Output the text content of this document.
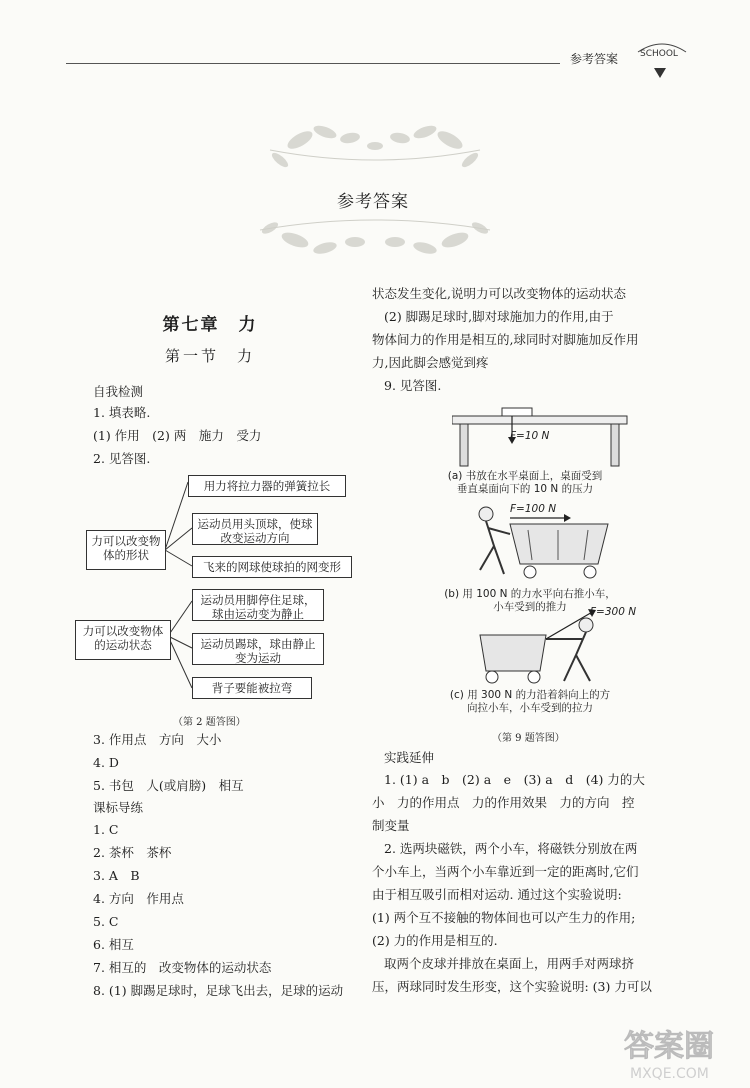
参考答案 SCHOOL
参考答案
第七章　力
第一节　力
自我检测
1. 填表略.
(1) 作用　(2) 两　施力　受力
2. 见答图.
力可以改变物体的形状
力可以改变物体的运动状态
用力将拉力器的弹簧拉长
运动员用头顶球，使球改变运动方向
飞来的网球使球拍的网变形
运动员用脚停住足球，球由运动变为静止
运动员踢球，球由静止变为运动
背子要能被拉弯
（第 2 题答图）
3. 作用点　方向　大小
4. D
5. 书包　人(或肩膀)　相互
课标导练
1. C
2. 茶杯　茶杯
3. A　B
4. 方向　作用点
5. C
6. 相互
7. 相互的　改变物体的运动状态
8. (1) 脚踢足球时，足球飞出去，足球的运动
状态发生变化,说明力可以改变物体的运动状态
(2) 脚踢足球时,脚对球施加力的作用,由于
物体间力的作用是相互的,球同时对脚施加反作用
力,因此脚会感觉到疼
9. 见答图.
F=10 N
(a) 书放在水平桌面上，桌面受到
垂直桌面向下的 10 N 的压力
F=100 N
(b) 用 100 N 的力水平向右推小车，
小车受到的推力	F=300 N
(c) 用 300 N 的力沿着斜向上的方
向拉小车，小车受到的拉力
（第 9 题答图）
实践延伸
1. (1) a　b　(2) a　e　(3) a　d　(4) 力的大
小　力的作用点　力的作用效果　力的方向　控
制变量
2. 选两块磁铁，两个小车，将磁铁分别放在两
个小车上，当两个小车靠近到一定的距离时,它们
由于相互吸引而相对运动. 通过这个实验说明:
(1) 两个互不接触的物体间也可以产生力的作用;
(2) 力的作用是相互的.
取两个皮球并排放在桌面上，用两手对两球挤
压，两球同时发生形变，这个实验说明: (3) 力可以
答案圈
MXQE.COM
